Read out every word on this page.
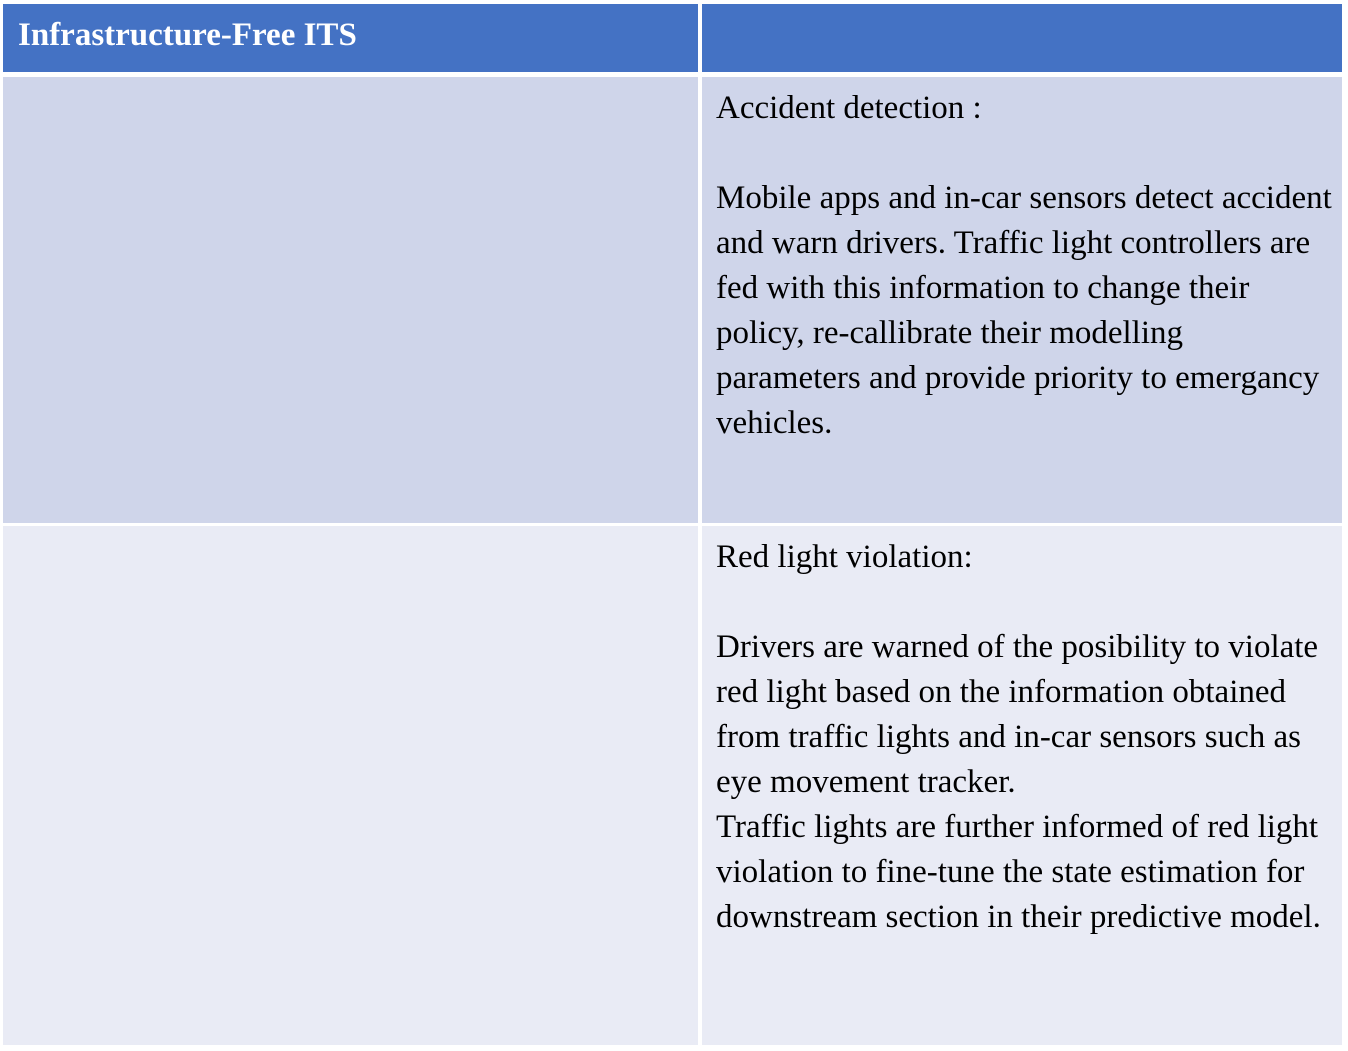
Infrastructure-Free ITS

Accident detection :

Mobile apps and in-car sensors detect accident and warn drivers. Traffic light controllers are fed with this information to change their policy, re-callibrate their modelling parameters and provide priority to emergancy vehicles.

Red light violation:

Drivers are warned of the posibility to violate red light based on the information obtained from traffic lights and in-car sensors such as eye movement tracker.

Traffic lights are further informed of red light violation to fine-tune the state estimation for downstream section in their predictive model.
